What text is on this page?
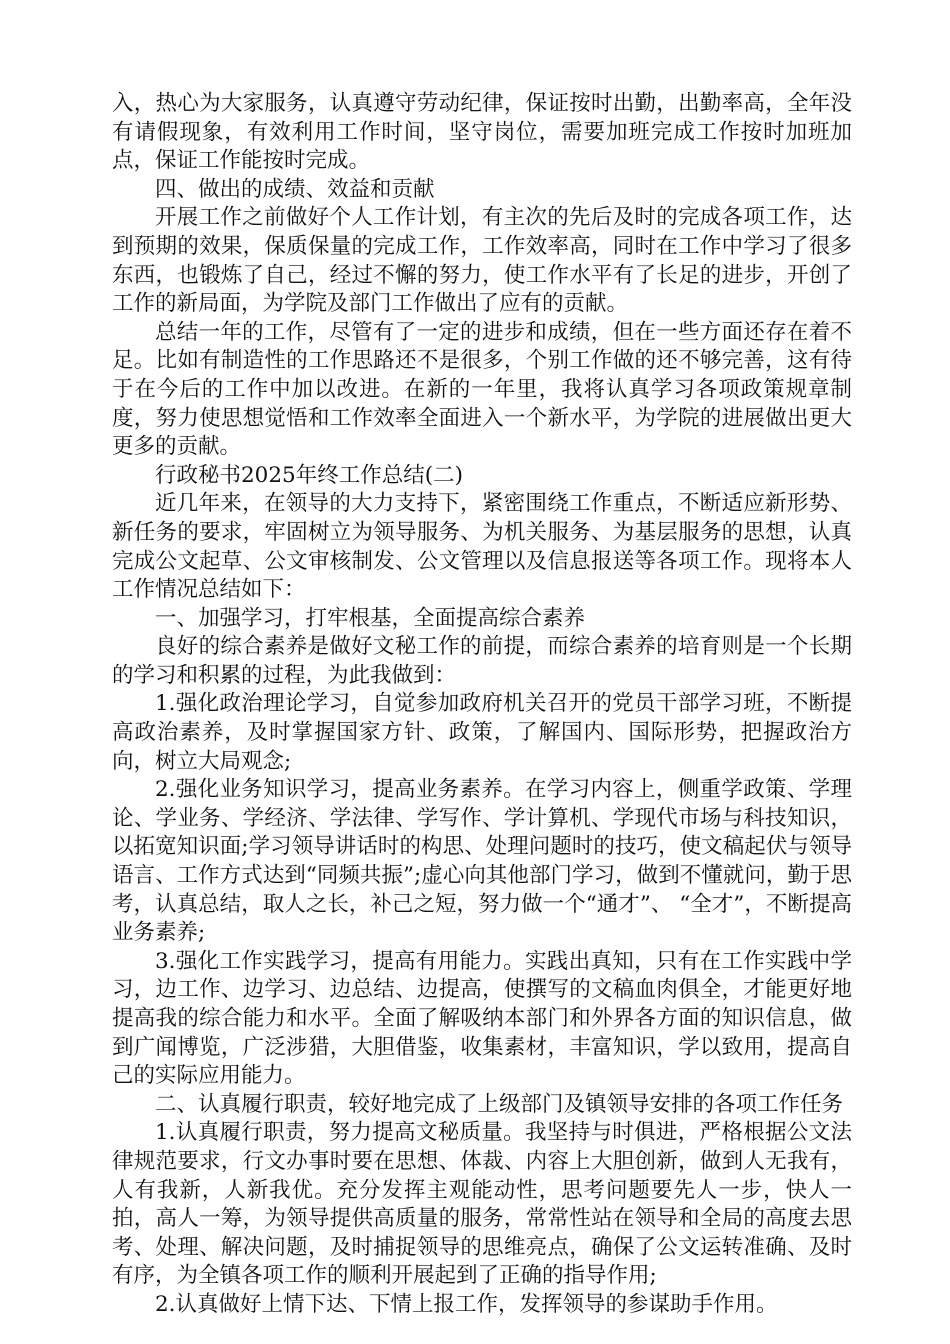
入，热心为大家服务，认真遵守劳动纪律，保证按时出勤，出勤率高，全年没有请假现象，有效利用工作时间，坚守岗位，需要加班完成工作按时加班加点，保证工作能按时完成。

四、做出的成绩、效益和贡献

开展工作之前做好个人工作计划，有主次的先后及时的完成各项工作，达到预期的效果，保质保量的完成工作，工作效率高，同时在工作中学习了很多东西，也锻炼了自己，经过不懈的努力，使工作水平有了长足的进步，开创了工作的新局面，为学院及部门工作做出了应有的贡献。

总结一年的工作，尽管有了一定的进步和成绩，但在一些方面还存在着不足。比如有制造性的工作思路还不是很多，个别工作做的还不够完善，这有待于在今后的工作中加以改进。在新的一年里，我将认真学习各项政策规章制度，努力使思想觉悟和工作效率全面进入一个新水平，为学院的进展做出更大更多的贡献。

行政秘书2025年终工作总结(二)

近几年来，在领导的大力支持下，紧密围绕工作重点，不断适应新形势、新任务的要求，牢固树立为领导服务、为机关服务、为基层服务的思想，认真完成公文起草、公文审核制发、公文管理以及信息报送等各项工作。现将本人工作情况总结如下：

一、加强学习，打牢根基，全面提高综合素养

良好的综合素养是做好文秘工作的前提，而综合素养的培育则是一个长期的学习和积累的过程，为此我做到：

1.强化政治理论学习，自觉参加政府机关召开的党员干部学习班，不断提高政治素养，及时掌握国家方针、政策，了解国内、国际形势，把握政治方向，树立大局观念;

2.强化业务知识学习，提高业务素养。在学习内容上，侧重学政策、学理论、学业务、学经济、学法律、学写作、学计算机、学现代市场与科技知识，以拓宽知识面;学习领导讲话时的构思、处理问题时的技巧，使文稿起伏与领导语言、工作方式达到“同频共振”;虚心向其他部门学习，做到不懂就问，勤于思考，认真总结，取人之长，补己之短，努力做一个“通才”、 “全才”，不断提高业务素养;

3.强化工作实践学习，提高有用能力。实践出真知，只有在工作实践中学习，边工作、边学习、边总结、边提高，使撰写的文稿血肉俱全，才能更好地提高我的综合能力和水平。全面了解吸纳本部门和外界各方面的知识信息，做到广闻博览，广泛涉猎，大胆借鉴，收集素材，丰富知识，学以致用，提高自己的实际应用能力。

二、认真履行职责，较好地完成了上级部门及镇领导安排的各项工作任务

1.认真履行职责，努力提高文秘质量。我坚持与时俱进，严格根据公文法律规范要求，行文办事时要在思想、体裁、内容上大胆创新，做到人无我有，人有我新，人新我优。充分发挥主观能动性，思考问题要先人一步，快人一拍，高人一筹，为领导提供高质量的服务，常常性站在领导和全局的高度去思考、处理、解决问题，及时捕捉领导的思维亮点，确保了公文运转准确、及时有序，为全镇各项工作的顺利开展起到了正确的指导作用;

2.认真做好上情下达、下情上报工作，发挥领导的参谋助手作用。
